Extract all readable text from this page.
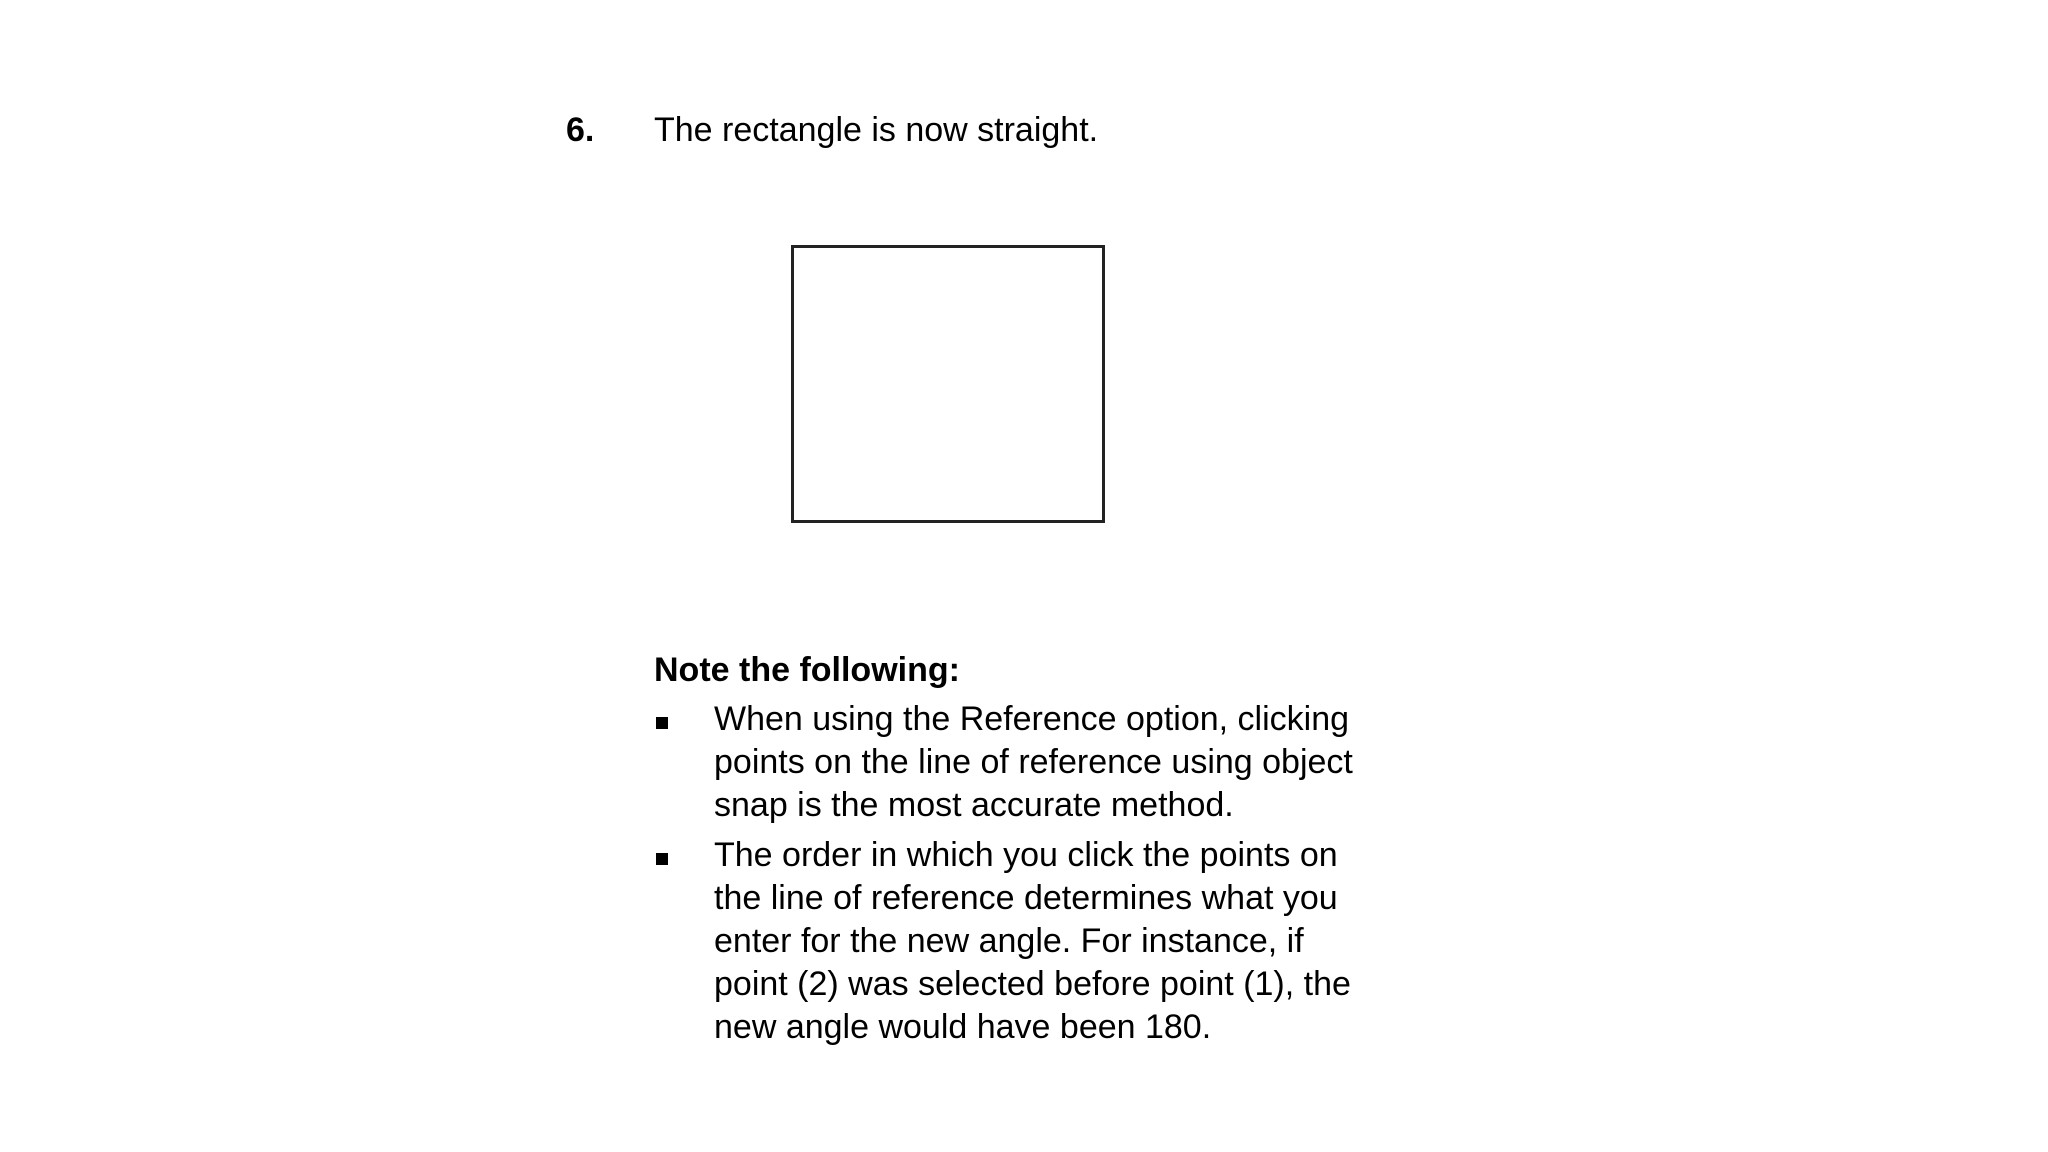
6. The rectangle is now straight.
Note the following:
When using the Reference option, clicking
points on the line of reference using object
snap is the most accurate method.
The order in which you click the points on
the line of reference determines what you
enter for the new angle. For instance, if
point (2) was selected before point (1), the
new angle would have been 180.
